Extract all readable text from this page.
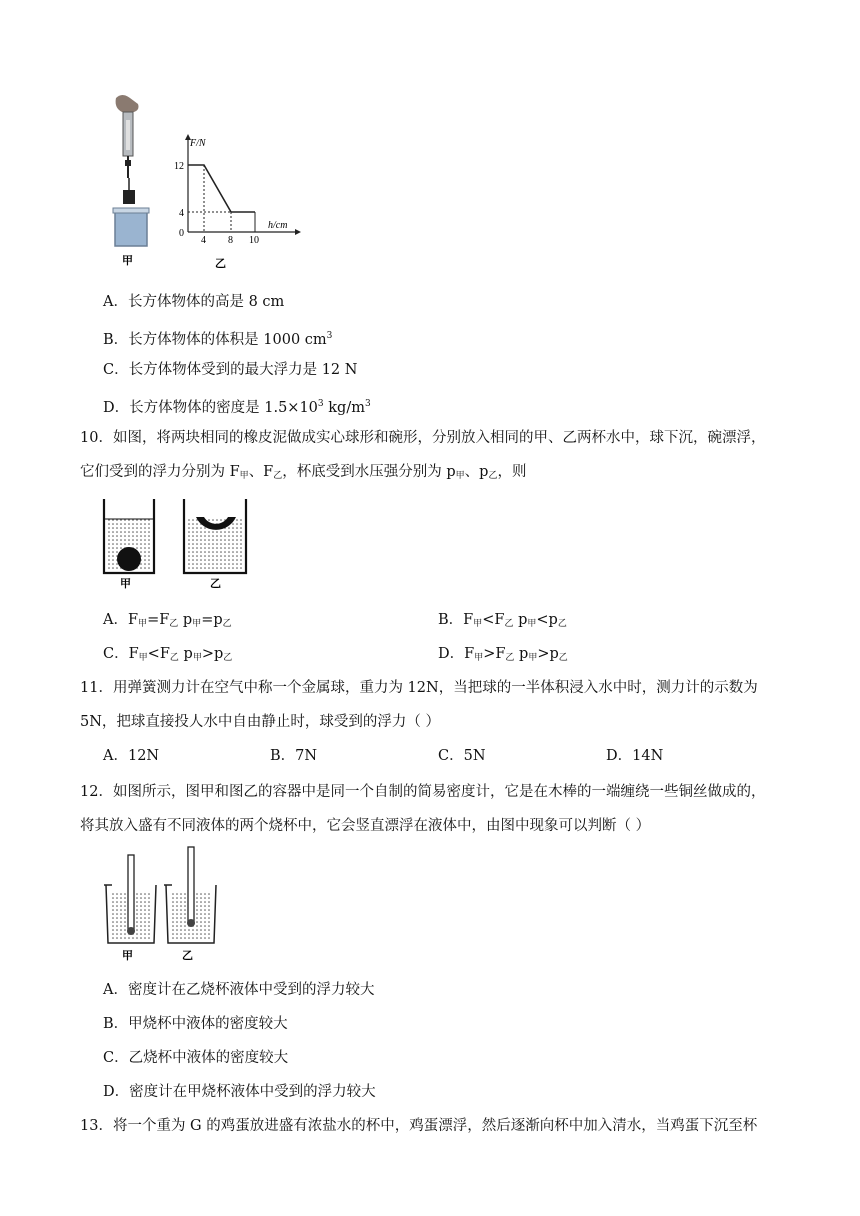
F/N
12
4
0
4 8 10
h/cm
甲	乙
A．长方体物体的高是 8 cm
B．长方体物体的体积是 1000 $cm^3$
C．长方体物体受到的最大浮力是 12 N
D．长方体物体的密度是 $1.5\times 10^3$ $kg/m^3$
10．如图，将两块相同的橡皮泥做成实心球形和碗形，分别放入相同的甲、乙两杯水中，球下沉，碗漂浮，
它们受到的浮力分别为 $F_甲$、$F_乙$，杯底受到水压强分别为 $p_甲$、$p_乙$，则
甲	乙
A．$F_甲=F_乙$ $p_甲=p_乙$	B．$F_甲<F_乙$ $p_甲<p_乙$
C．$F_甲<F_乙$ $p_甲>p_乙$	D．$F_甲>F_乙$ $p_甲>p_乙$
11．用弹簧测力计在空气中称一个金属球，重力为 12N，当把球的一半体积浸入水中时，测力计的示数为
5N，把球直接投人水中自由静止时，球受到的浮力（ ）
A．12N	B．7N	C．5N	D．14N
12．如图所示，图甲和图乙的容器中是同一个自制的简易密度计，它是在木棒的一端缠绕一些铜丝做成的，
将其放入盛有不同液体的两个烧杯中，它会竖直漂浮在液体中，由图中现象可以判断（ ）
甲	乙
A．密度计在乙烧杯液体中受到的浮力较大
B．甲烧杯中液体的密度较大
C．乙烧杯中液体的密度较大
D．密度计在甲烧杯液体中受到的浮力较大
13．将一个重为 G 的鸡蛋放进盛有浓盐水的杯中，鸡蛋漂浮，然后逐渐向杯中加入清水，当鸡蛋下沉至杯
